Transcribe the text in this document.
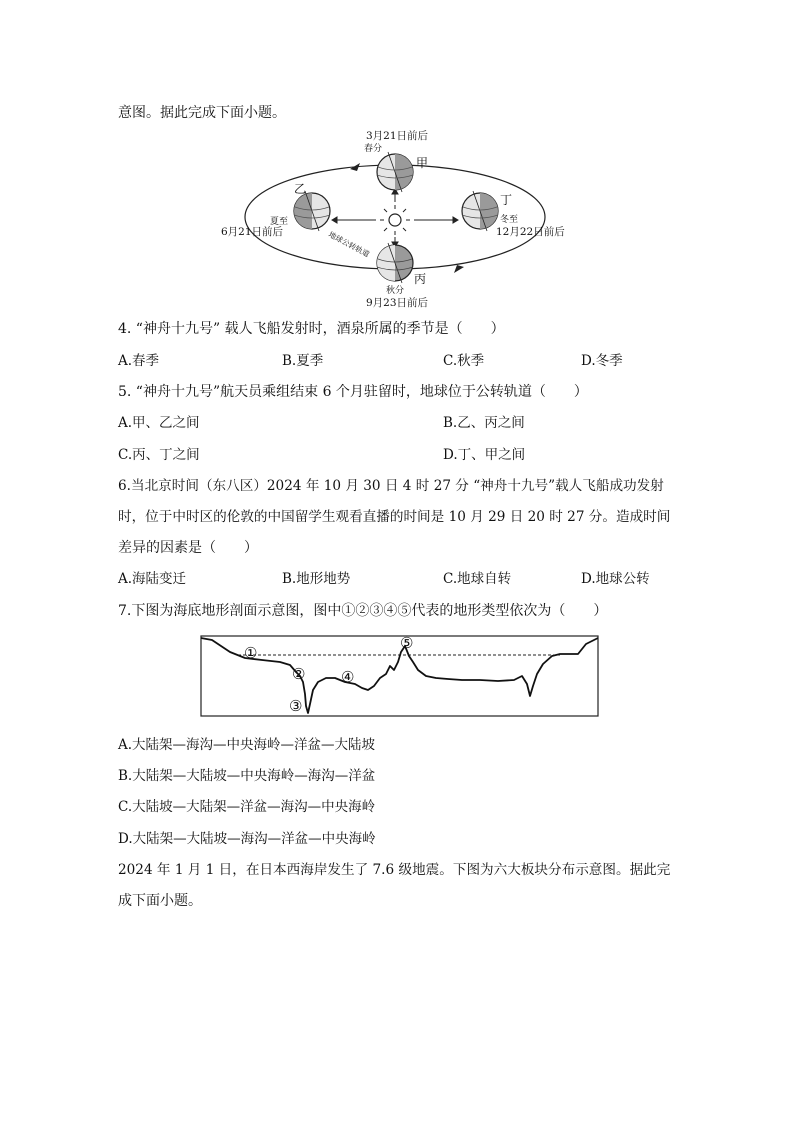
意图。据此完成下面小题。
3月21日前后
春分
甲
乙
夏至
6月21日前后
丁
冬至
12月22日前后
丙
秋分
9月23日前后
地球公转轨道
4. “神舟十九号” 载人飞船发射时，酒泉所属的季节是（　　）
A.春季	B.夏季	C.秋季	D.冬季
5. “神舟十九号”航天员乘组结束 6 个月驻留时，地球位于公转轨道（　　）
A.甲、乙之间	B.乙、丙之间
C.丙、丁之间	D.丁、甲之间
6.当北京时间（东八区）2024 年 10 月 30 日 4 时 27 分 “神舟十九号”载人飞船成功发射
时，位于中时区的伦敦的中国留学生观看直播的时间是 10 月 29 日 20 时 27 分。造成时间
差异的因素是（　　）
A.海陆变迁	B.地形地势	C.地球自转	D.地球公转
7.下图为海底地形剖面示意图，图中①②③④⑤代表的地形类型依次为（　　）
①
②
③
④
⑤
A.大陆架—海沟—中央海岭—洋盆—大陆坡
B.大陆架—大陆坡—中央海岭—海沟—洋盆
C.大陆坡—大陆架—洋盆—海沟—中央海岭
D.大陆架—大陆坡—海沟—洋盆—中央海岭
2024 年 1 月 1 日，在日本西海岸发生了 7.6 级地震。下图为六大板块分布示意图。据此完
成下面小题。
